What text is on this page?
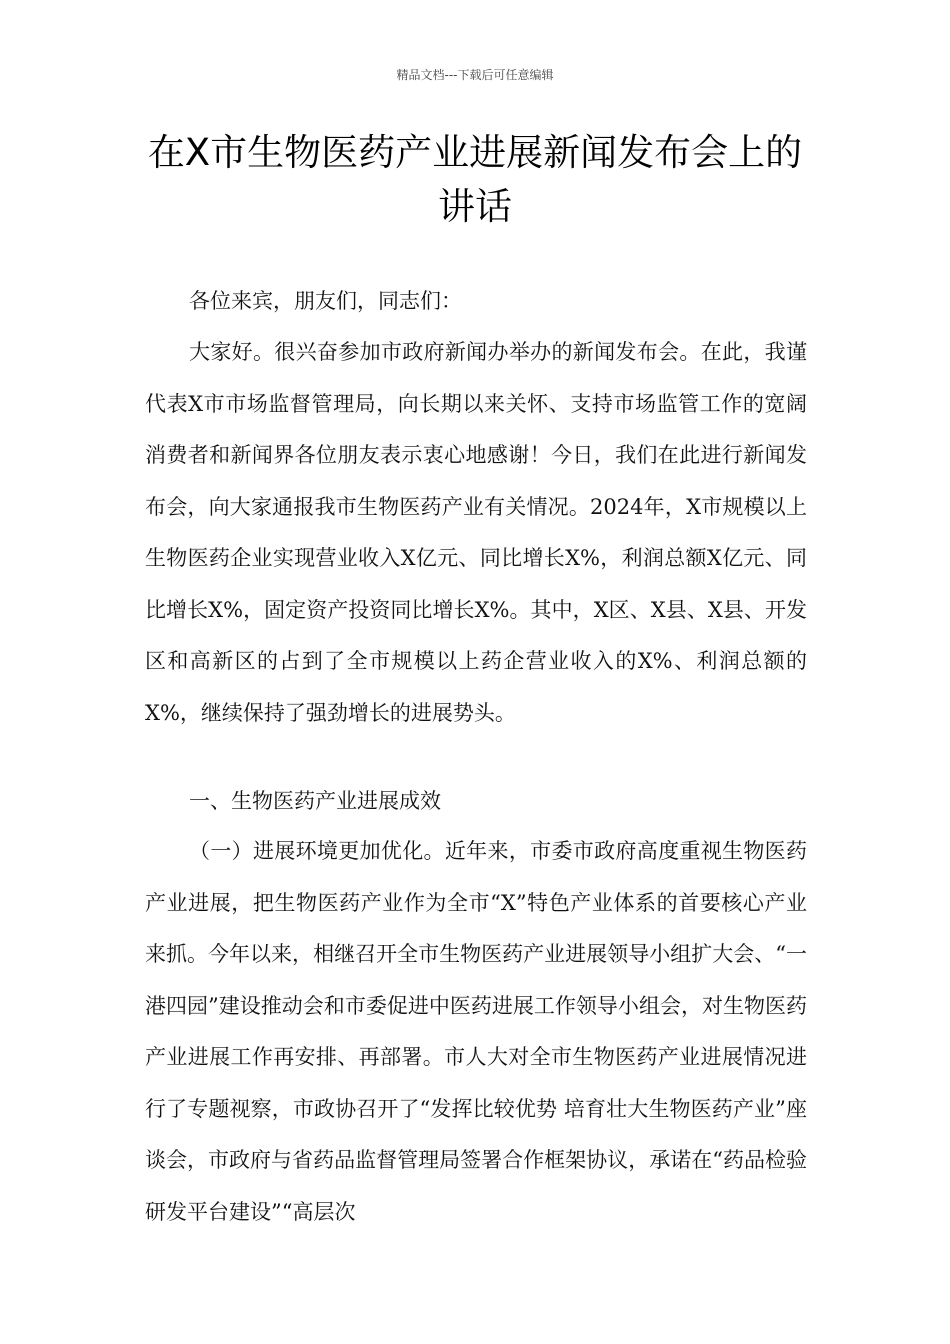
精品文档---下载后可任意编辑
在X市生物医药产业进展新闻发布会上的讲话

各位来宾，朋友们，同志们：

大家好。很兴奋参加市政府新闻办举办的新闻发布会。在此，我谨代表X市市场监督管理局，向长期以来关怀、支持市场监管工作的宽阔消费者和新闻界各位朋友表示衷心地感谢！今日，我们在此进行新闻发布会，向大家通报我市生物医药产业有关情况。2024年，X市规模以上生物医药企业实现营业收入X亿元、同比增长X%，利润总额X亿元、同比增长X%，固定资产投资同比增长X%。其中，X区、X县、X县、开发区和高新区的占到了全市规模以上药企营业收入的X%、利润总额的X%，继续保持了强劲增长的进展势头。

一、生物医药产业进展成效

（一）进展环境更加优化。近年来，市委市政府高度重视生物医药产业进展，把生物医药产业作为全市“X”特色产业体系的首要核心产业来抓。今年以来，相继召开全市生物医药产业进展领导小组扩大会、“一港四园”建设推动会和市委促进中医药进展工作领导小组会，对生物医药产业进展工作再安排、再部署。市人大对全市生物医药产业进展情况进行了专题视察，市政协召开了“发挥比较优势 培育壮大生物医药产业”座谈会，市政府与省药品监督管理局签署合作框架协议，承诺在“药品检验研发平台建设”“高层次
